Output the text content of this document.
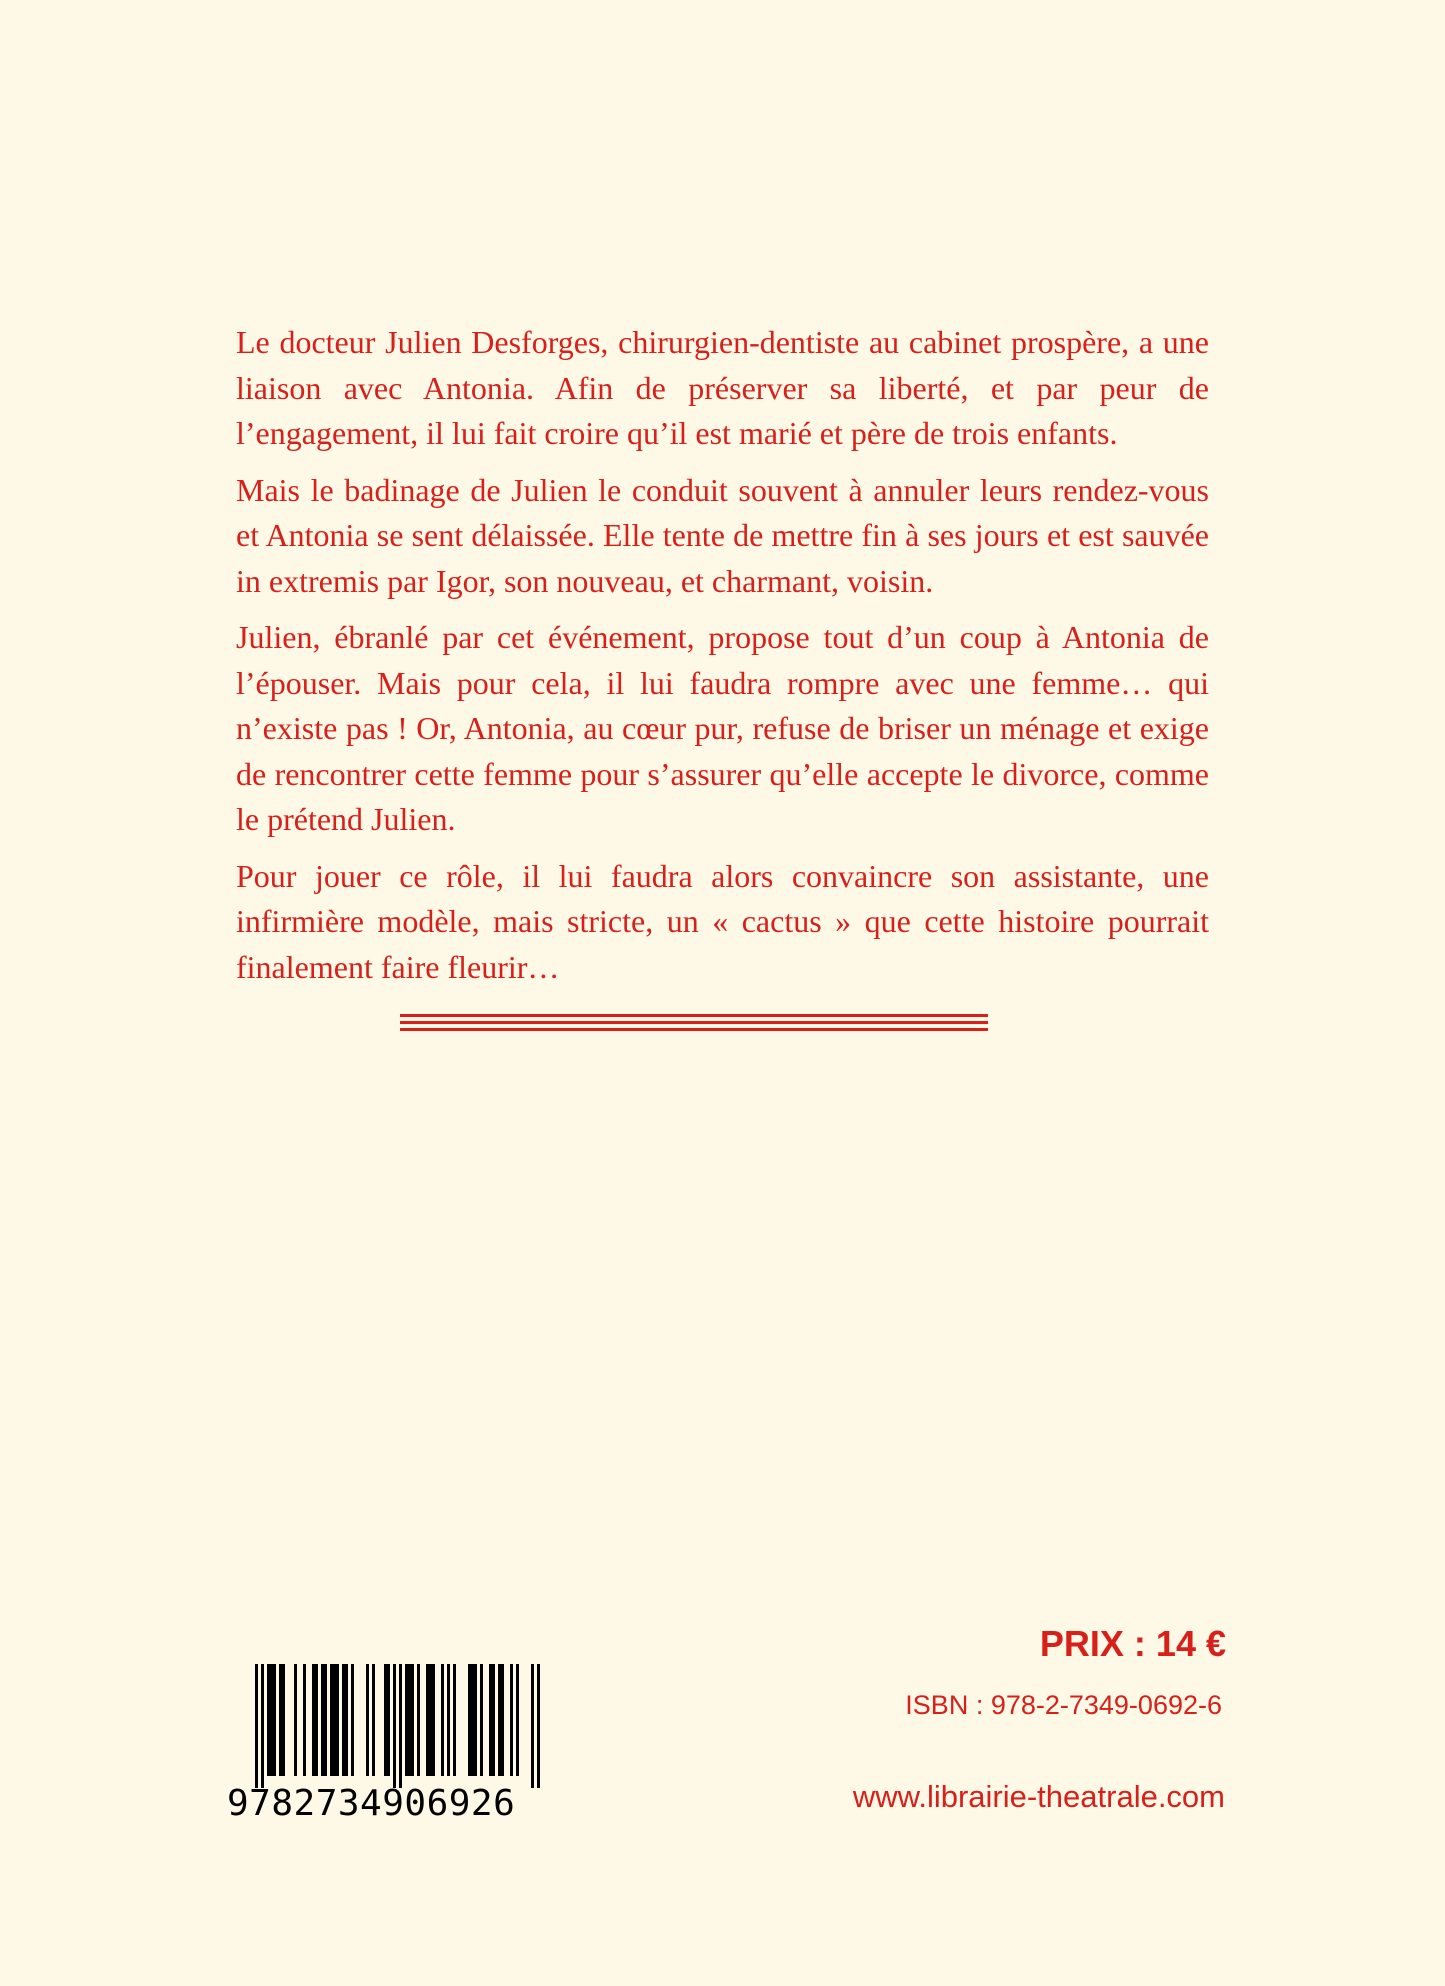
Le docteur Julien Desforges, chirurgien-dentiste au cabinet prospère, a une liaison avec Antonia. Afin de préserver sa liberté, et par peur de l’engagement, il lui fait croire qu’il est marié et père de trois enfants.

Mais le badinage de Julien le conduit souvent à annuler leurs rendez-vous et Antonia se sent délaissée. Elle tente de mettre fin à ses jours et est sauvée in extremis par Igor, son nouveau, et charmant, voisin.

Julien, ébranlé par cet événement, propose tout d’un coup à Antonia de l’épouser. Mais pour cela, il lui faudra rompre avec une femme… qui n’existe pas ! Or, Antonia, au cœur pur, refuse de briser un ménage et exige de rencontrer cette femme pour s’assurer qu’elle accepte le divorce, comme le prétend Julien.

Pour jouer ce rôle, il lui faudra alors convaincre son assistante, une infirmière modèle, mais stricte, un « cactus » que cette histoire pourrait finalement faire fleurir…

PRIX : 14 €
ISBN : 978-2-7349-0692-6
www.librairie-theatrale.com
9782734906926
